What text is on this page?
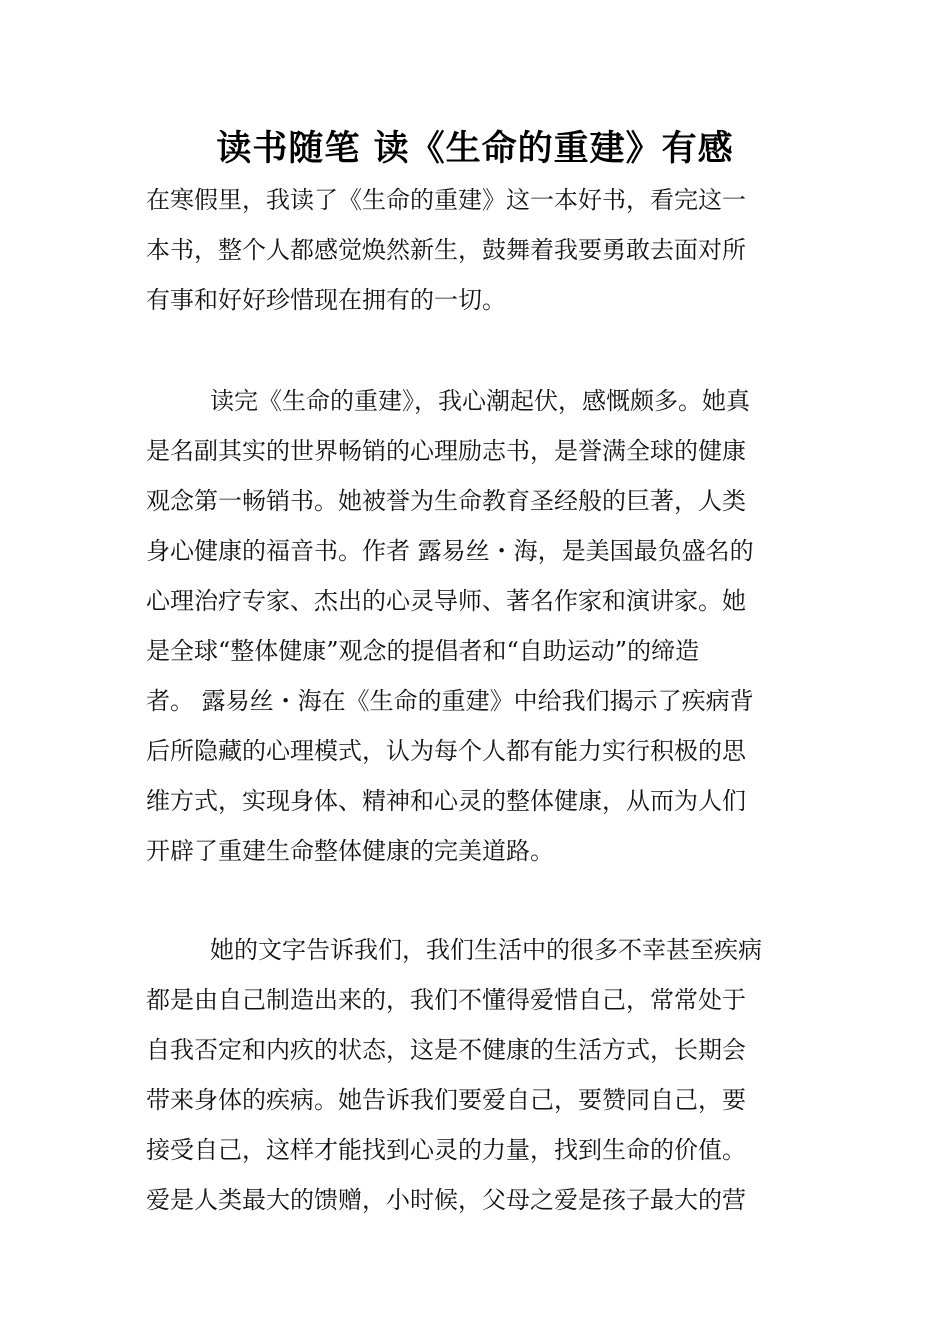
读书随笔 读《生命的重建》有感

在寒假里，我读了《生命的重建》这一本好书，看完这一

本书，整个人都感觉焕然新生，鼓舞着我要勇敢去面对所

有事和好好珍惜现在拥有的一切。

读完《生命的重建》，我心潮起伏，感慨颇多。她真

是名副其实的世界畅销的心理励志书，是誉满全球的健康

观念第一畅销书。她被誉为生命教育圣经般的巨著，人类

身心健康的福音书。作者 露易丝・海，是美国最负盛名的

心理治疗专家、杰出的心灵导师、著名作家和演讲家。她

是全球“整体健康”观念的提倡者和“自助运动”的缔造

者。 露易丝・海在《生命的重建》中给我们揭示了疾病背

后所隐藏的心理模式，认为每个人都有能力实行积极的思

维方式，实现身体、精神和心灵的整体健康，从而为人们

开辟了重建生命整体健康的完美道路。

她的文字告诉我们，我们生活中的很多不幸甚至疾病

都是由自己制造出来的，我们不懂得爱惜自己，常常处于

自我否定和内疚的状态，这是不健康的生活方式，长期会

带来身体的疾病。她告诉我们要爱自己，要赞同自己，要

接受自己，这样才能找到心灵的力量，找到生命的价值。

爱是人类最大的馈赠，小时候，父母之爱是孩子最大的营
